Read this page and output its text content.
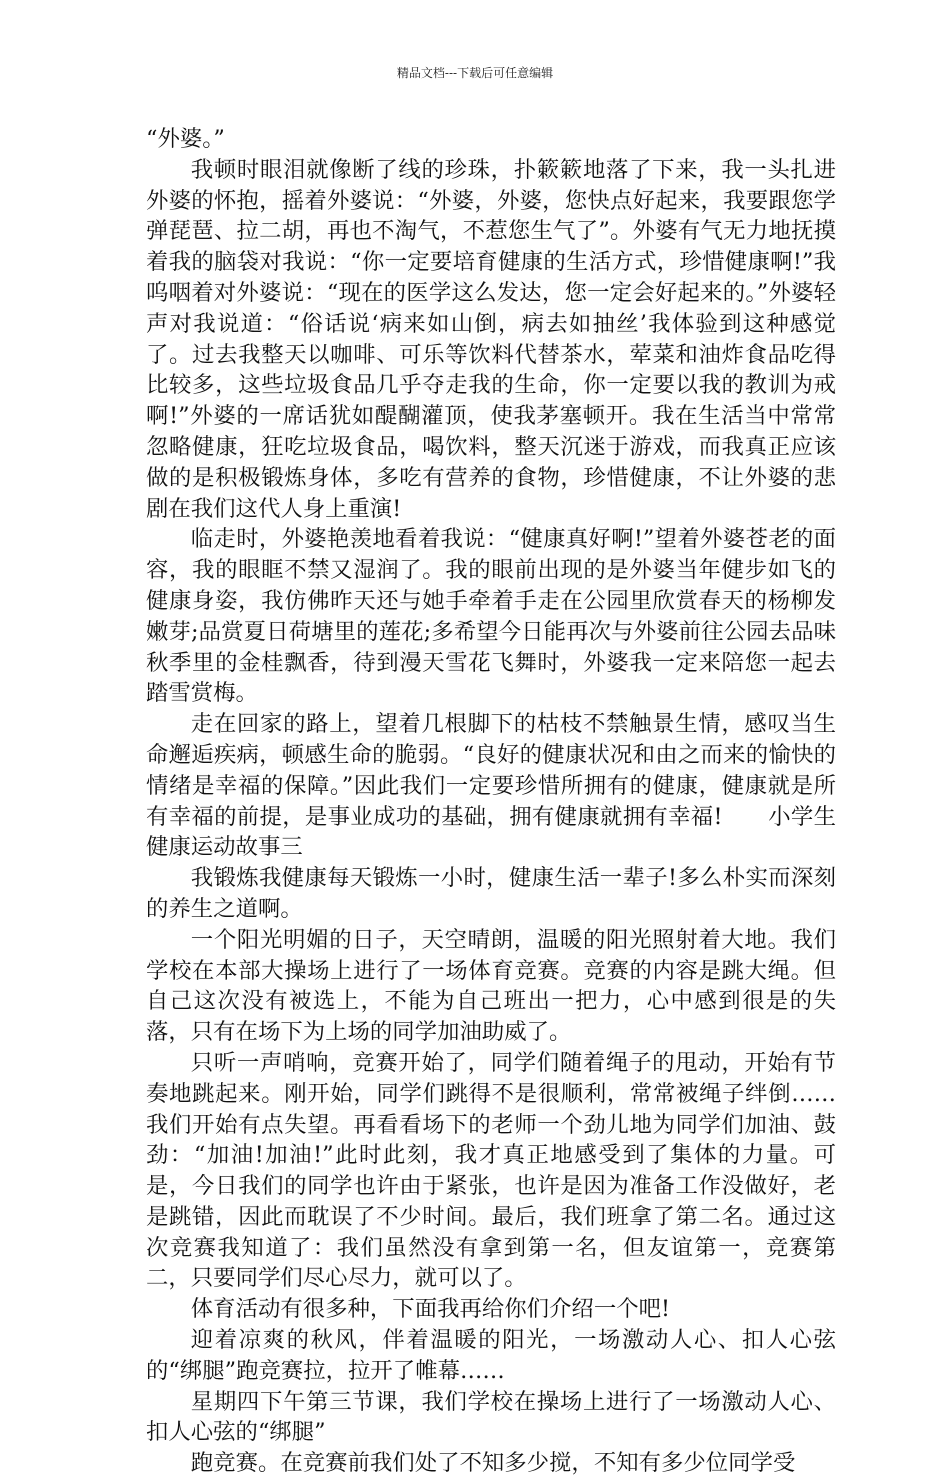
精品文档---下载后可任意编辑

“外婆。”

我顿时眼泪就像断了线的珍珠，扑簌簌地落了下来，我一头扎进外婆的怀抱，摇着外婆说：“外婆，外婆，您快点好起来，我要跟您学弹琵琶、拉二胡，再也不淘气，不惹您生气了”。外婆有气无力地抚摸着我的脑袋对我说：“你一定要培育健康的生活方式，珍惜健康啊!”我呜咽着对外婆说：“现在的医学这么发达，您一定会好起来的。”外婆轻声对我说道：“俗话说‘病来如山倒，病去如抽丝’我体验到这种感觉了。过去我整天以咖啡、可乐等饮料代替茶水，荤菜和油炸食品吃得比较多，这些垃圾食品几乎夺走我的生命，你一定要以我的教训为戒啊!”外婆的一席话犹如醍醐灌顶，使我茅塞顿开。我在生活当中常常忽略健康，狂吃垃圾食品，喝饮料，整天沉迷于游戏，而我真正应该做的是积极锻炼身体，多吃有营养的食物，珍惜健康，不让外婆的悲剧在我们这代人身上重演!

临走时，外婆艳羡地看着我说：“健康真好啊!”望着外婆苍老的面容，我的眼眶不禁又湿润了。我的眼前出现的是外婆当年健步如飞的健康身姿，我仿佛昨天还与她手牵着手走在公园里欣赏春天的杨柳发嫩芽;品赏夏日荷塘里的莲花;多希望今日能再次与外婆前往公园去品味秋季里的金桂飘香，待到漫天雪花飞舞时，外婆我一定来陪您一起去踏雪赏梅。

走在回家的路上，望着几根脚下的枯枝不禁触景生情，感叹当生命邂逅疾病，顿感生命的脆弱。“良好的健康状况和由之而来的愉快的情绪是幸福的保障。”因此我们一定要珍惜所拥有的健康，健康就是所有幸福的前提，是事业成功的基础，拥有健康就拥有幸福!　　小学生健康运动故事三

我锻炼我健康每天锻炼一小时，健康生活一辈子!多么朴实而深刻的养生之道啊。

一个阳光明媚的日子，天空晴朗，温暖的阳光照射着大地。我们学校在本部大操场上进行了一场体育竞赛。竞赛的内容是跳大绳。但自己这次没有被选上，不能为自己班出一把力，心中感到很是的失落，只有在场下为上场的同学加油助威了。

只听一声哨响，竞赛开始了，同学们随着绳子的甩动，开始有节奏地跳起来。刚开始，同学们跳得不是很顺利，常常被绳子绊倒……我们开始有点失望。再看看场下的老师一个劲儿地为同学们加油、鼓劲：“加油!加油!”此时此刻，我才真正地感受到了集体的力量。可是，今日我们的同学也许由于紧张，也许是因为准备工作没做好，老是跳错，因此而耽误了不少时间。最后，我们班拿了第二名。通过这次竞赛我知道了：我们虽然没有拿到第一名，但友谊第一，竞赛第二，只要同学们尽心尽力，就可以了。

体育活动有很多种，下面我再给你们介绍一个吧!

迎着凉爽的秋风，伴着温暖的阳光，一场激动人心、扣人心弦的“绑腿”跑竞赛拉，拉开了帷幕……

星期四下午第三节课，我们学校在操场上进行了一场激动人心、扣人心弦的“绑腿”

跑竞赛。在竞赛前我们处了不知多少搅，不知有多少位同学受
